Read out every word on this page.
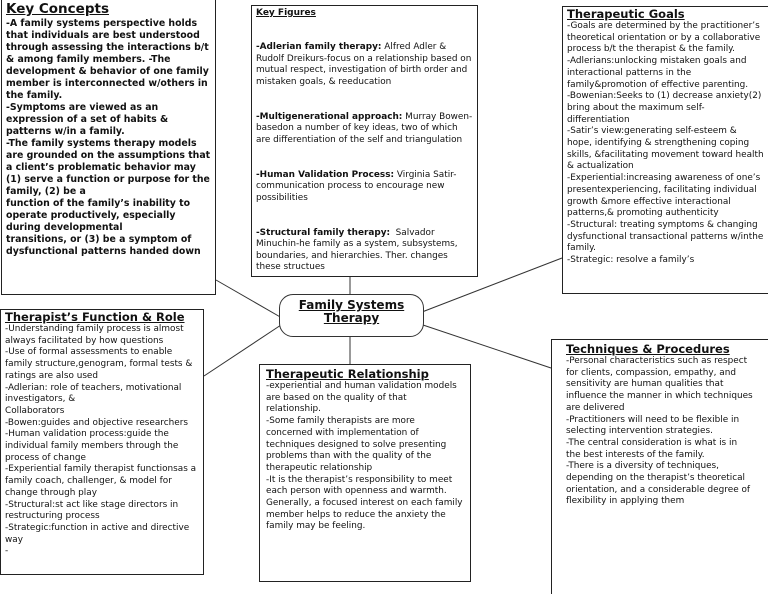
Key Concepts
-A family systems perspective holds that individuals are best understood through assessing the interactions b/t & among family members. -The development & behavior of one family member is interconnected w/others in the family.
-Symptoms are viewed as an expression of a set of habits & patterns w/in a family.
-The family systems therapy models are grounded on the assumptions that a client’s problematic behavior may (1) serve a function or purpose for the family, (2) be a
function of the family’s inability to operate productively, especially during developmental
transitions, or (3) be a symptom of dysfunctional patterns handed down
Key Figures

-Adlerian family therapy: Alfred Adler & Rudolf Dreikurs-focus on a relationship based on mutual respect, investigation of birth order and mistaken goals, & reeducation

-Multigenerational approach: Murray Bowen-basedon a number of key ideas, two of which are differentiation of the self and triangulation

-Human Validation Process: Virginia Satir-communication process to encourage new possibilities

-Structural family therapy:  Salvador Minuchin-he family as a system, subsystems, boundaries, and hierarchies. Ther. changes these structues

Therapeutic Goals
-Goals are determined by the practitioner’s theoretical orientation or by a collaborative process b/t the therapist & the family.
-Adlerians:unlocking mistaken goals and interactional patterns in the family&promotion of effective parenting.
-Bowenian:Seeks to (1) decrease anxiety(2) bring about the maximum self-differentiation
-Satir’s view:generating self-esteem & hope, identifying & strengthening coping skills, &facilitating movement toward health & actualization
-Experiential:increasing awareness of one’s presentexperiencing, facilitating individual growth &more effective interactional patterns,& promoting authenticity
-Structural: treating symptoms & changing dysfunctional transactional patterns w/inthe family.
-Strategic: resolve a family’s
Family Systems Therapy
Therapist’s Function & Role
-Understanding family process is almost always facilitated by how questions
-Use of formal assessments to enable family structure,genogram, formal tests & ratings are also used
-Adlerian: role of teachers, motivational investigators, &
Collaborators
-Bowen:guides and objective researchers
-Human validation process:guide the individual family members through the process of change
-Experiential family therapist functionsas a family coach, challenger, & model for change through play
-Structural:st act like stage directors in restructuring process
-Strategic:function in active and directive way
-
Therapeutic Relationship
-experiential and human validation models are based on the quality of that relationship.
-Some family therapists are more concerned with implementation of techniques designed to solve presenting problems than with the quality of the therapeutic relationship
-It is the therapist’s responsibility to meet each person with openness and warmth. Generally, a focused interest on each family member helps to reduce the anxiety the family may be feeling.
Techniques & Procedures
-Personal characteristics such as respect for clients, compassion, empathy, and sensitivity are human qualities that influence the manner in which techniques are delivered
-Practitioners will need to be flexible in selecting intervention strategies.
-The central consideration is what is in the best interests of the family.
-There is a diversity of techniques, depending on the therapist’s theoretical orientation, and a considerable degree of flexibility in applying them
